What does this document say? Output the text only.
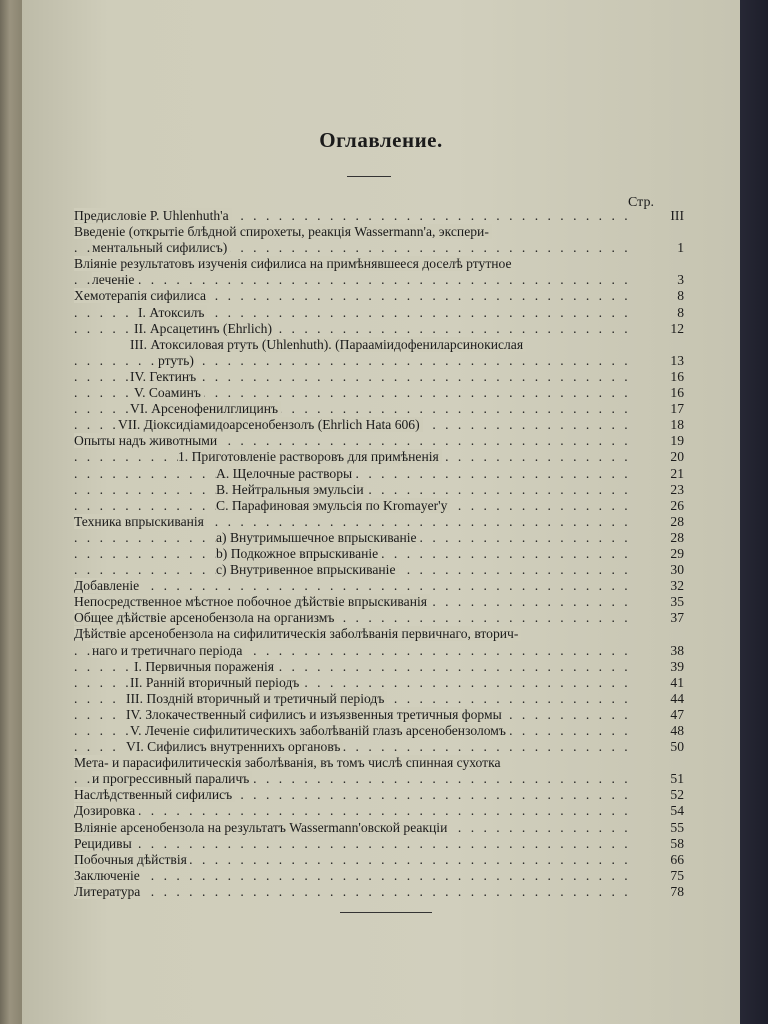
Оглавление.
Стр.
Предисловіе P. Uhlenhuth'a . . .	III
Введеніе (открытіе блѣдной спирохеты, реакція Wassermann'a, экспери-
ментальный сифилисъ) . . .	1
Вліяніе результатовъ изученія сифилиса на примѣнявшееся доселѣ ртутное
леченіе . . .	3
Хемотерапія сифилиса . . .	8
I. Атоксилъ . . .	8
II. Арсацетинъ (Ehrlich) . . .	12
III. Атоксиловая ртуть (Uhlenhuth). (Парааміидофениларсинокислая
ртуть) . . .	13
IV. Гектинъ . . .	16
V. Соаминъ . . .	16
VI. Арсенофенилглицинъ . . .	17
VII. Діоксидіамидоарсенобензолъ (Ehrlich Hata 606) . . .	18
Опыты надъ животными . . .	19
1. Приготовленіе растворовъ для примѣненія . . .	20
A. Щелочные растворы . . .	21
B. Нейтральныя эмульсіи . . .	23
C. Парафиновая эмульсія по Kromayer'y . . .	26
Техника впрыскиванія . . .	28
a) Внутримышечное впрыскиваніе . . .	28
b) Подкожное впрыскиваніе . . .	29
c) Внутривенное впрыскиваніе . . .	30
Добавленіе . . .	32
Непосредственное мѣстное побочное дѣйствіе впрыскиванія . . .	35
Общее дѣйствіе арсенобензола на организмъ . . .	37
Дѣйствіе арсенобензола на сифилитическія заболѣванія первичнаго, вторич-
наго и третичнаго періода . . .	38
I. Первичныя пораженія . . .	39
II. Ранній вторичный періодъ . . .	41
III. Поздній вторичный и третичный періодъ . . .	44
IV. Злокачественный сифилисъ и изъязвенныя третичныя формы . . .	47
V. Леченіе сифилитическихъ заболѣваній глазъ арсенобензоломъ . . .	48
VI. Сифилисъ внутреннихъ органовъ . . .	50
Мета- и парасифилитическія заболѣванія, въ томъ числѣ спинная сухотка
и прогрессивный параличъ . . .	51
Наслѣдственный сифилисъ . . .	52
Дозировка . . .	54
Вліяніе арсенобензола на результатъ Wassermann'овской реакціи . . .	55
Рецидивы . . .	58
Побочныя дѣйствія . . .	66
Заключеніе . . .	75
Литература . . .	78
